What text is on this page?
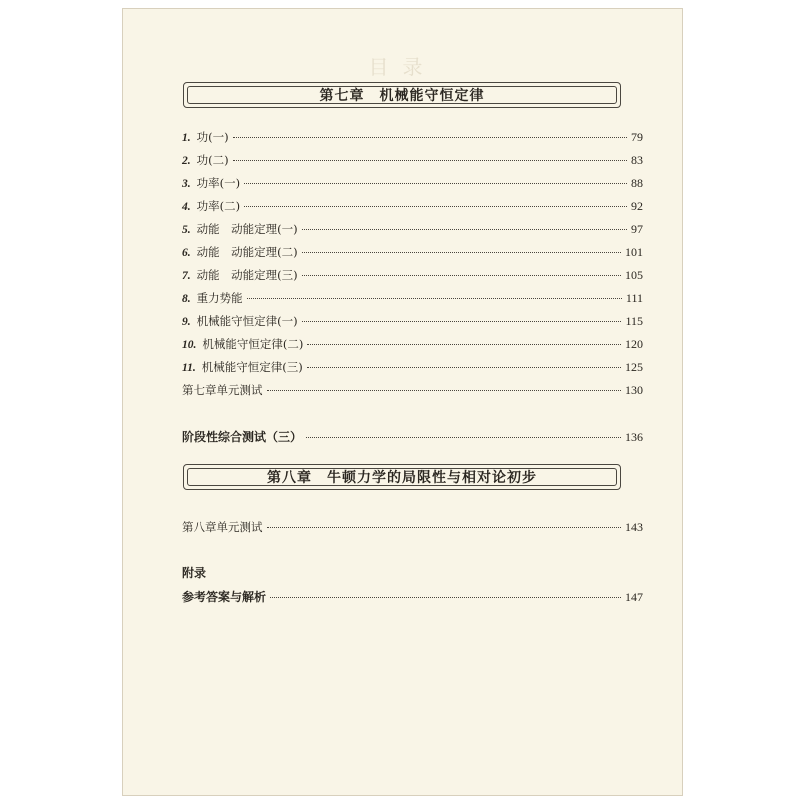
目录
第七章　机械能守恒定律
1. 功(一)	79
2. 功(二)	83
3. 功率(一)	88
4. 功率(二)	92
5. 动能　动能定理(一)	97
6. 动能　动能定理(二)	101
7. 动能　动能定理(三)	105
8. 重力势能	111
9. 机械能守恒定律(一)	115
10. 机械能守恒定律(二)	120
11. 机械能守恒定律(三)	125
第七章单元测试	130
阶段性综合测试（三）	136
第八章　牛顿力学的局限性与相对论初步
第八章单元测试	143
附录
参考答案与解析	147
